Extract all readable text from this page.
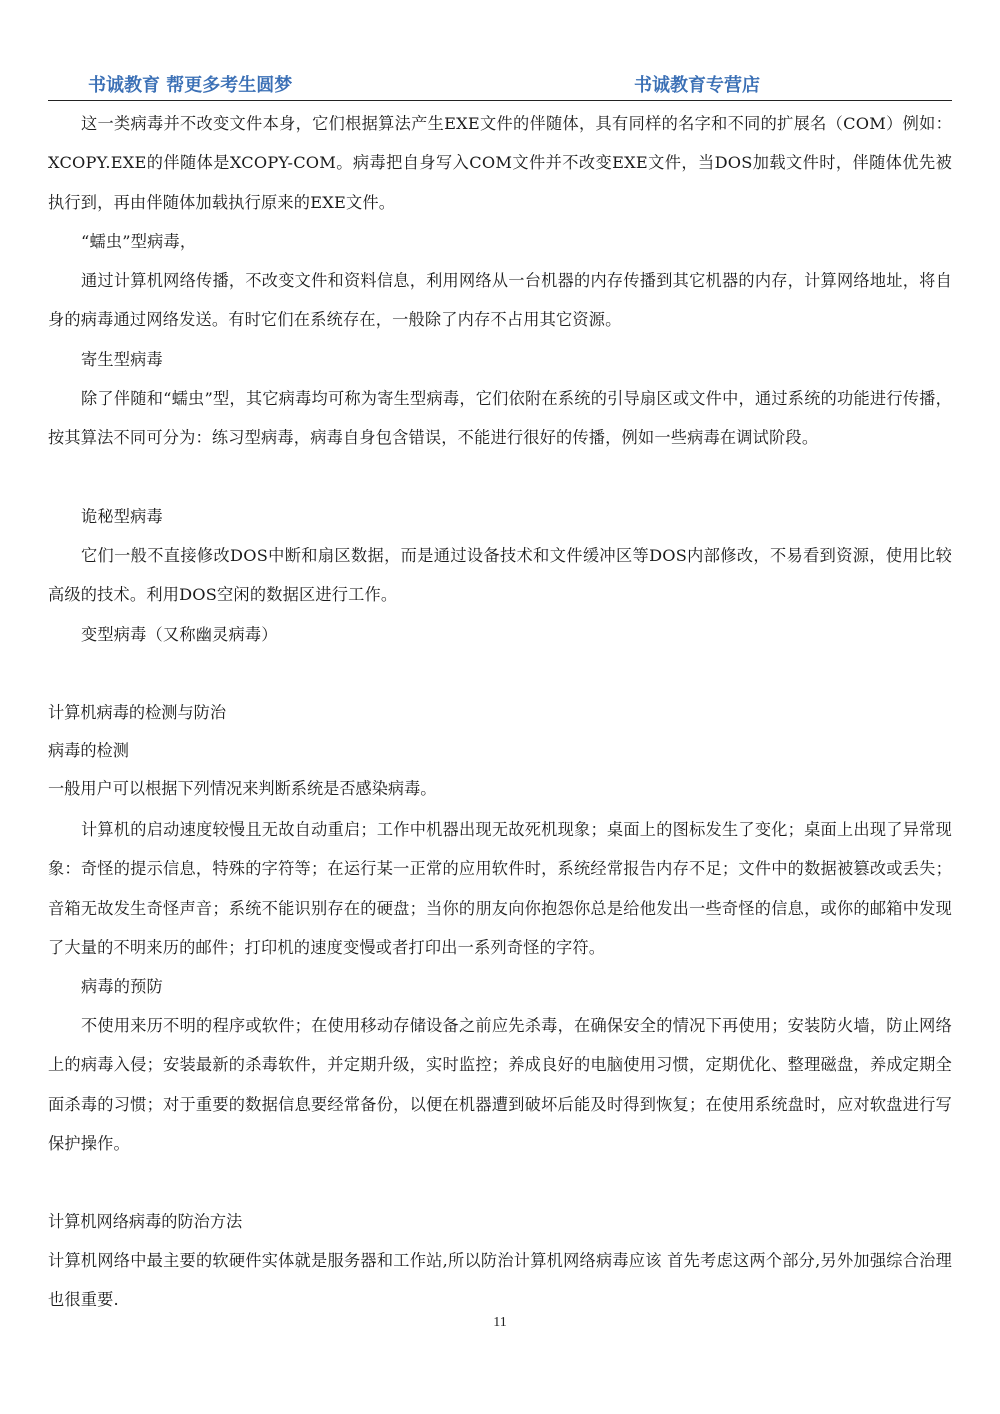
书诚教育 帮更多考生圆梦	书诚教育专营店

这一类病毒并不改变文件本身，它们根据算法产生EXE文件的伴随体，具有同样的名字和不同的扩展名（COM）例如：XCOPY.EXE的伴随体是XCOPY-COM。病毒把自身写入COM文件并不改变EXE文件，当DOS加载文件时，伴随体优先被执行到，再由伴随体加载执行原来的EXE文件。

“蠕虫”型病毒，

通过计算机网络传播，不改变文件和资料信息，利用网络从一台机器的内存传播到其它机器的内存，计算网络地址，将自身的病毒通过网络发送。有时它们在系统存在，一般除了内存不占用其它资源。

寄生型病毒

除了伴随和“蠕虫”型，其它病毒均可称为寄生型病毒，它们依附在系统的引导扇区或文件中，通过系统的功能进行传播，按其算法不同可分为：练习型病毒，病毒自身包含错误，不能进行很好的传播，例如一些病毒在调试阶段。

诡秘型病毒

它们一般不直接修改DOS中断和扇区数据，而是通过设备技术和文件缓冲区等DOS内部修改，不易看到资源，使用比较高级的技术。利用DOS空闲的数据区进行工作。

变型病毒（又称幽灵病毒）

计算机病毒的检测与防治

病毒的检测

一般用户可以根据下列情况来判断系统是否感染病毒。

计算机的启动速度较慢且无故自动重启；工作中机器出现无故死机现象；桌面上的图标发生了变化；桌面上出现了异常现象：奇怪的提示信息，特殊的字符等；在运行某一正常的应用软件时，系统经常报告内存不足；文件中的数据被篡改或丢失；音箱无故发生奇怪声音；系统不能识别存在的硬盘；当你的朋友向你抱怨你总是给他发出一些奇怪的信息，或你的邮箱中发现了大量的不明来历的邮件；打印机的速度变慢或者打印出一系列奇怪的字符。

病毒的预防

不使用来历不明的程序或软件；在使用移动存储设备之前应先杀毒，在确保安全的情况下再使用；安装防火墙，防止网络上的病毒入侵；安装最新的杀毒软件，并定期升级，实时监控；养成良好的电脑使用习惯，定期优化、整理磁盘，养成定期全面杀毒的习惯；对于重要的数据信息要经常备份，以便在机器遭到破坏后能及时得到恢复；在使用系统盘时，应对软盘进行写保护操作。

计算机网络病毒的防治方法

计算机网络中最主要的软硬件实体就是服务器和工作站,所以防治计算机网络病毒应该 首先考虑这两个部分,另外加强综合治理也很重要.

11
